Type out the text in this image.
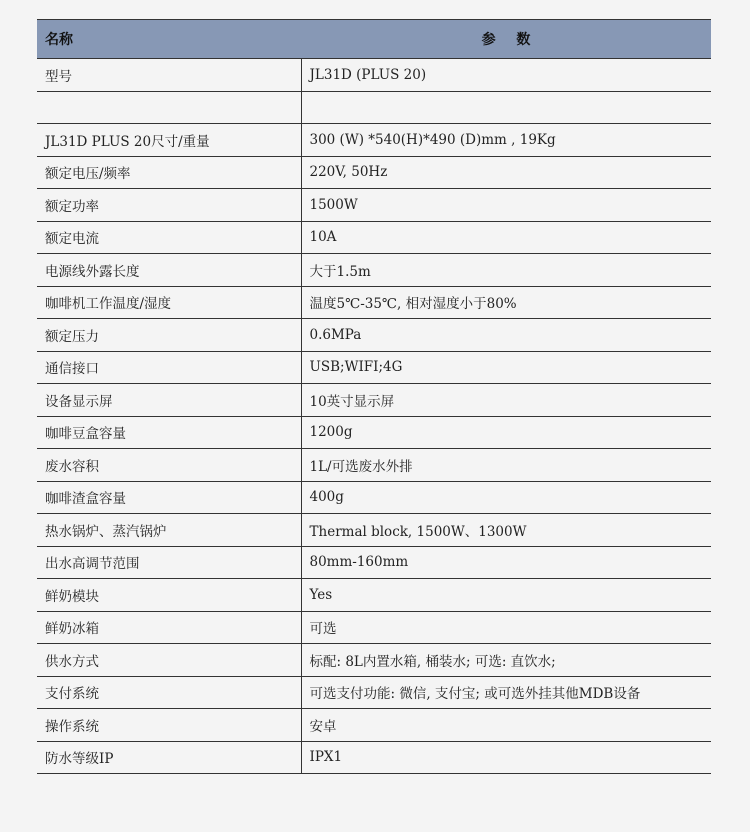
名称	参 数
型号	JL31D (PLUS 20)

JL31D PLUS 20尺寸/重量	300 (W) *540(H)*490 (D)mm , 19Kg
额定电压/频率	220V, 50Hz
额定功率	1500W
额定电流	10A
电源线外露长度	大于1.5m
咖啡机工作温度/湿度	温度5℃-35℃, 相对湿度小于80%
额定压力	0.6MPa
通信接口	USB;WIFI;4G
设备显示屏	10英寸显示屏
咖啡豆盒容量	1200g
废水容积	1L/可选废水外排
咖啡渣盒容量	400g
热水锅炉、蒸汽锅炉	Thermal block, 1500W、1300W
出水高调节范围	80mm-160mm
鲜奶模块	Yes
鲜奶冰箱	可选
供水方式	标配: 8L内置水箱, 桶装水; 可选: 直饮水;
支付系统	可选支付功能: 微信, 支付宝; 或可选外挂其他MDB设备
操作系统	安卓
防水等级IP	IPX1
